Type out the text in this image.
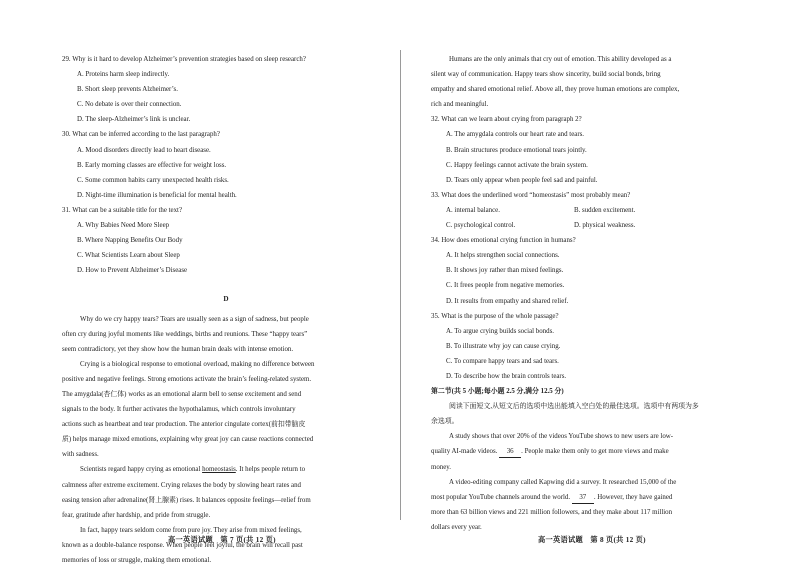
29. Why is it hard to develop Alzheimer’s prevention strategies based on sleep research?
A. Proteins harm sleep indirectly.
B. Short sleep prevents Alzheimer’s.
C. No debate is over their connection.
D. The sleep-Alzheimer’s link is unclear.
30. What can be inferred according to the last paragraph?
A. Mood disorders directly lead to heart disease.
B. Early morning classes are effective for weight loss.
C. Some common habits carry unexpected health risks.
D. Night-time illumination is beneficial for mental health.
31. What can be a suitable title for the text?
A. Why Babies Need More Sleep
B. Where Napping Benefits Our Body
C. What Scientists Learn about Sleep
D. How to Prevent Alzheimer’s Disease
D
Why do we cry happy tears? Tears are usually seen as a sign of sadness, but people
often cry during joyful moments like weddings, births and reunions. These “happy tears”
seem contradictory, yet they show how the human brain deals with intense emotion.
Crying is a biological response to emotional overload, making no difference between
positive and negative feelings. Strong emotions activate the brain’s feeling-related system.
The amygdala(杏仁体) works as an emotional alarm bell to sense excitement and send
signals to the body. It further activates the hypothalamus, which controls involuntary
actions such as heartbeat and tear production. The anterior cingulate cortex(前扣带脑皮
质) helps manage mixed emotions, explaining why great joy can cause reactions connected
with sadness.
Scientists regard happy crying as emotional homeostasis. It helps people return to
calmness after extreme excitement. Crying relaxes the body by slowing heart rates and
easing tension after adrenaline(肾上腺素) rises. It balances opposite feelings—relief from
fear, gratitude after hardship, and pride from struggle.
In fact, happy tears seldom come from pure joy. They arise from mixed feelings,
known as a double-balance response. When people feel joyful, the brain will recall past
memories of loss or struggle, making them emotional.
Humans are the only animals that cry out of emotion. This ability developed as a
silent way of communication. Happy tears show sincerity, build social bonds, bring
empathy and shared emotional relief. Above all, they prove human emotions are complex,
rich and meaningful.
32. What can we learn about crying from paragraph 2?
A. The amygdala controls our heart rate and tears.
B. Brain structures produce emotional tears jointly.
C. Happy feelings cannot activate the brain system.
D. Tears only appear when people feel sad and painful.
33. What does the underlined word “homeostasis” most probably mean?
A. internal balance.	B. sudden excitement.
C. psychological control.	D. physical weakness.
34. How does emotional crying function in humans?
A. It helps strengthen social connections.
B. It shows joy rather than mixed feelings.
C. It frees people from negative memories.
D. It results from empathy and shared relief.
35. What is the purpose of the whole passage?
A. To argue crying builds social bonds.
B. To illustrate why joy can cause crying.
C. To compare happy tears and sad tears.
D. To describe how the brain controls tears.
第二节(共 5 小题;每小题 2.5 分,满分 12.5 分)
阅读下面短文,从短文后的选项中选出能填入空白处的最佳选项。选项中有两项为多
余选项。
A study shows that over 20% of the videos YouTube shows to new users are low-
quality AI-made videos. 36 . People make them only to get more views and make
money.
A video-editing company called Kapwing did a survey. It researched 15,000 of the
most popular YouTube channels around the world. 37 . However, they have gained
more than 63 billion views and 221 million followers, and they make about 117 million
dollars every year.
高一英语试题　第 7 页(共 12 页)	高一英语试题　第 8 页(共 12 页)
